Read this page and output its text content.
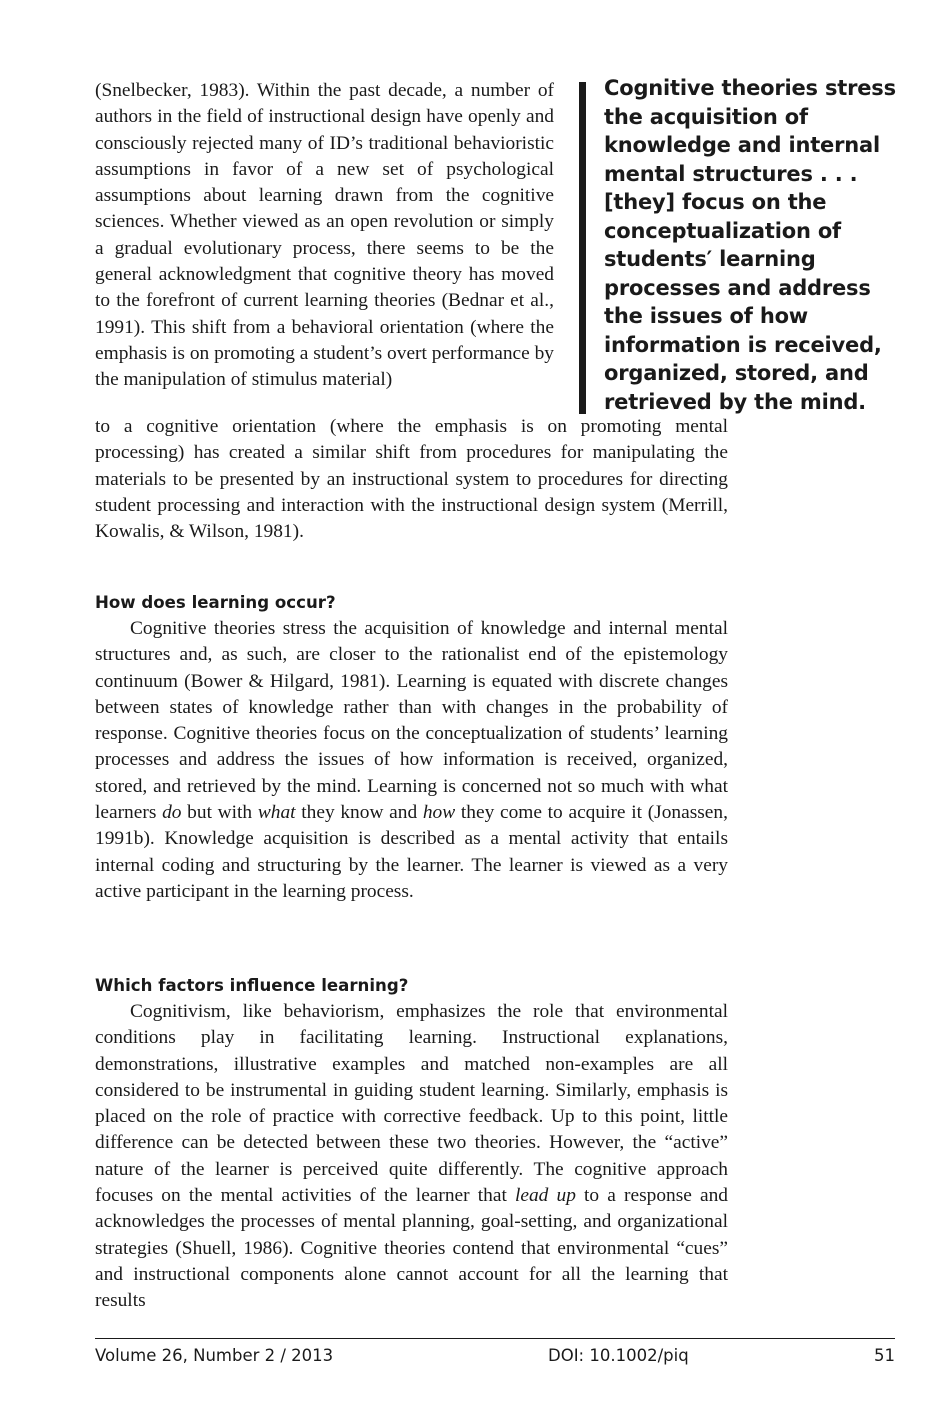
(Snelbecker, 1983). Within the past decade, a number of authors in the field of instructional design have openly and consciously rejected many of ID’s traditional behavioristic assumptions in favor of a new set of psychological assumptions about learning drawn from the cognitive sciences. Whether viewed as an open revolution or simply a gradual evolutionary process, there seems to be the general acknowledgment that cognitive theory has moved to the forefront of current learning theories (Bednar et al., 1991). This shift from a behavioral orientation (where the emphasis is on promoting a student’s overt performance by the manipulation of stimulus material)
to a cognitive orientation (where the emphasis is on promoting mental processing) has created a similar shift from procedures for manipulating the materials to be presented by an instructional system to procedures for directing student processing and interaction with the instructional design system (Merrill, Kowalis, & Wilson, 1981).
Cognitive theories stress the acquisition of knowledge and internal mental structures . . . [they] focus on the conceptualization of students′ learning processes and address the issues of how information is received, organized, stored, and retrieved by the mind.
How does learning occur?

Cognitive theories stress the acquisition of knowledge and internal mental structures and, as such, are closer to the rationalist end of the epistemology continuum (Bower & Hilgard, 1981). Learning is equated with discrete changes between states of knowledge rather than with changes in the probability of response. Cognitive theories focus on the conceptualization of students’ learning processes and address the issues of how information is received, organized, stored, and retrieved by the mind. Learning is concerned not so much with what learners do but with what they know and how they come to acquire it (Jonassen, 1991b). Knowledge acquisition is described as a mental activity that entails internal coding and structuring by the learner. The learner is viewed as a very active participant in the learning process.

Which factors influence learning?

Cognitivism, like behaviorism, emphasizes the role that environmental conditions play in facilitating learning. Instructional explanations, demonstrations, illustrative examples and matched non-examples are all considered to be instrumental in guiding student learning. Similarly, emphasis is placed on the role of practice with corrective feedback. Up to this point, little difference can be detected between these two theories. However, the “active” nature of the learner is perceived quite differently. The cognitive approach focuses on the mental activities of the learner that lead up to a response and acknowledges the processes of mental planning, goal-setting, and organizational strategies (Shuell, 1986). Cognitive theories contend that environmental “cues” and instructional components alone cannot account for all the learning that results

Volume 26, Number 2 / 2013	DOI: 10.1002/piq	51
